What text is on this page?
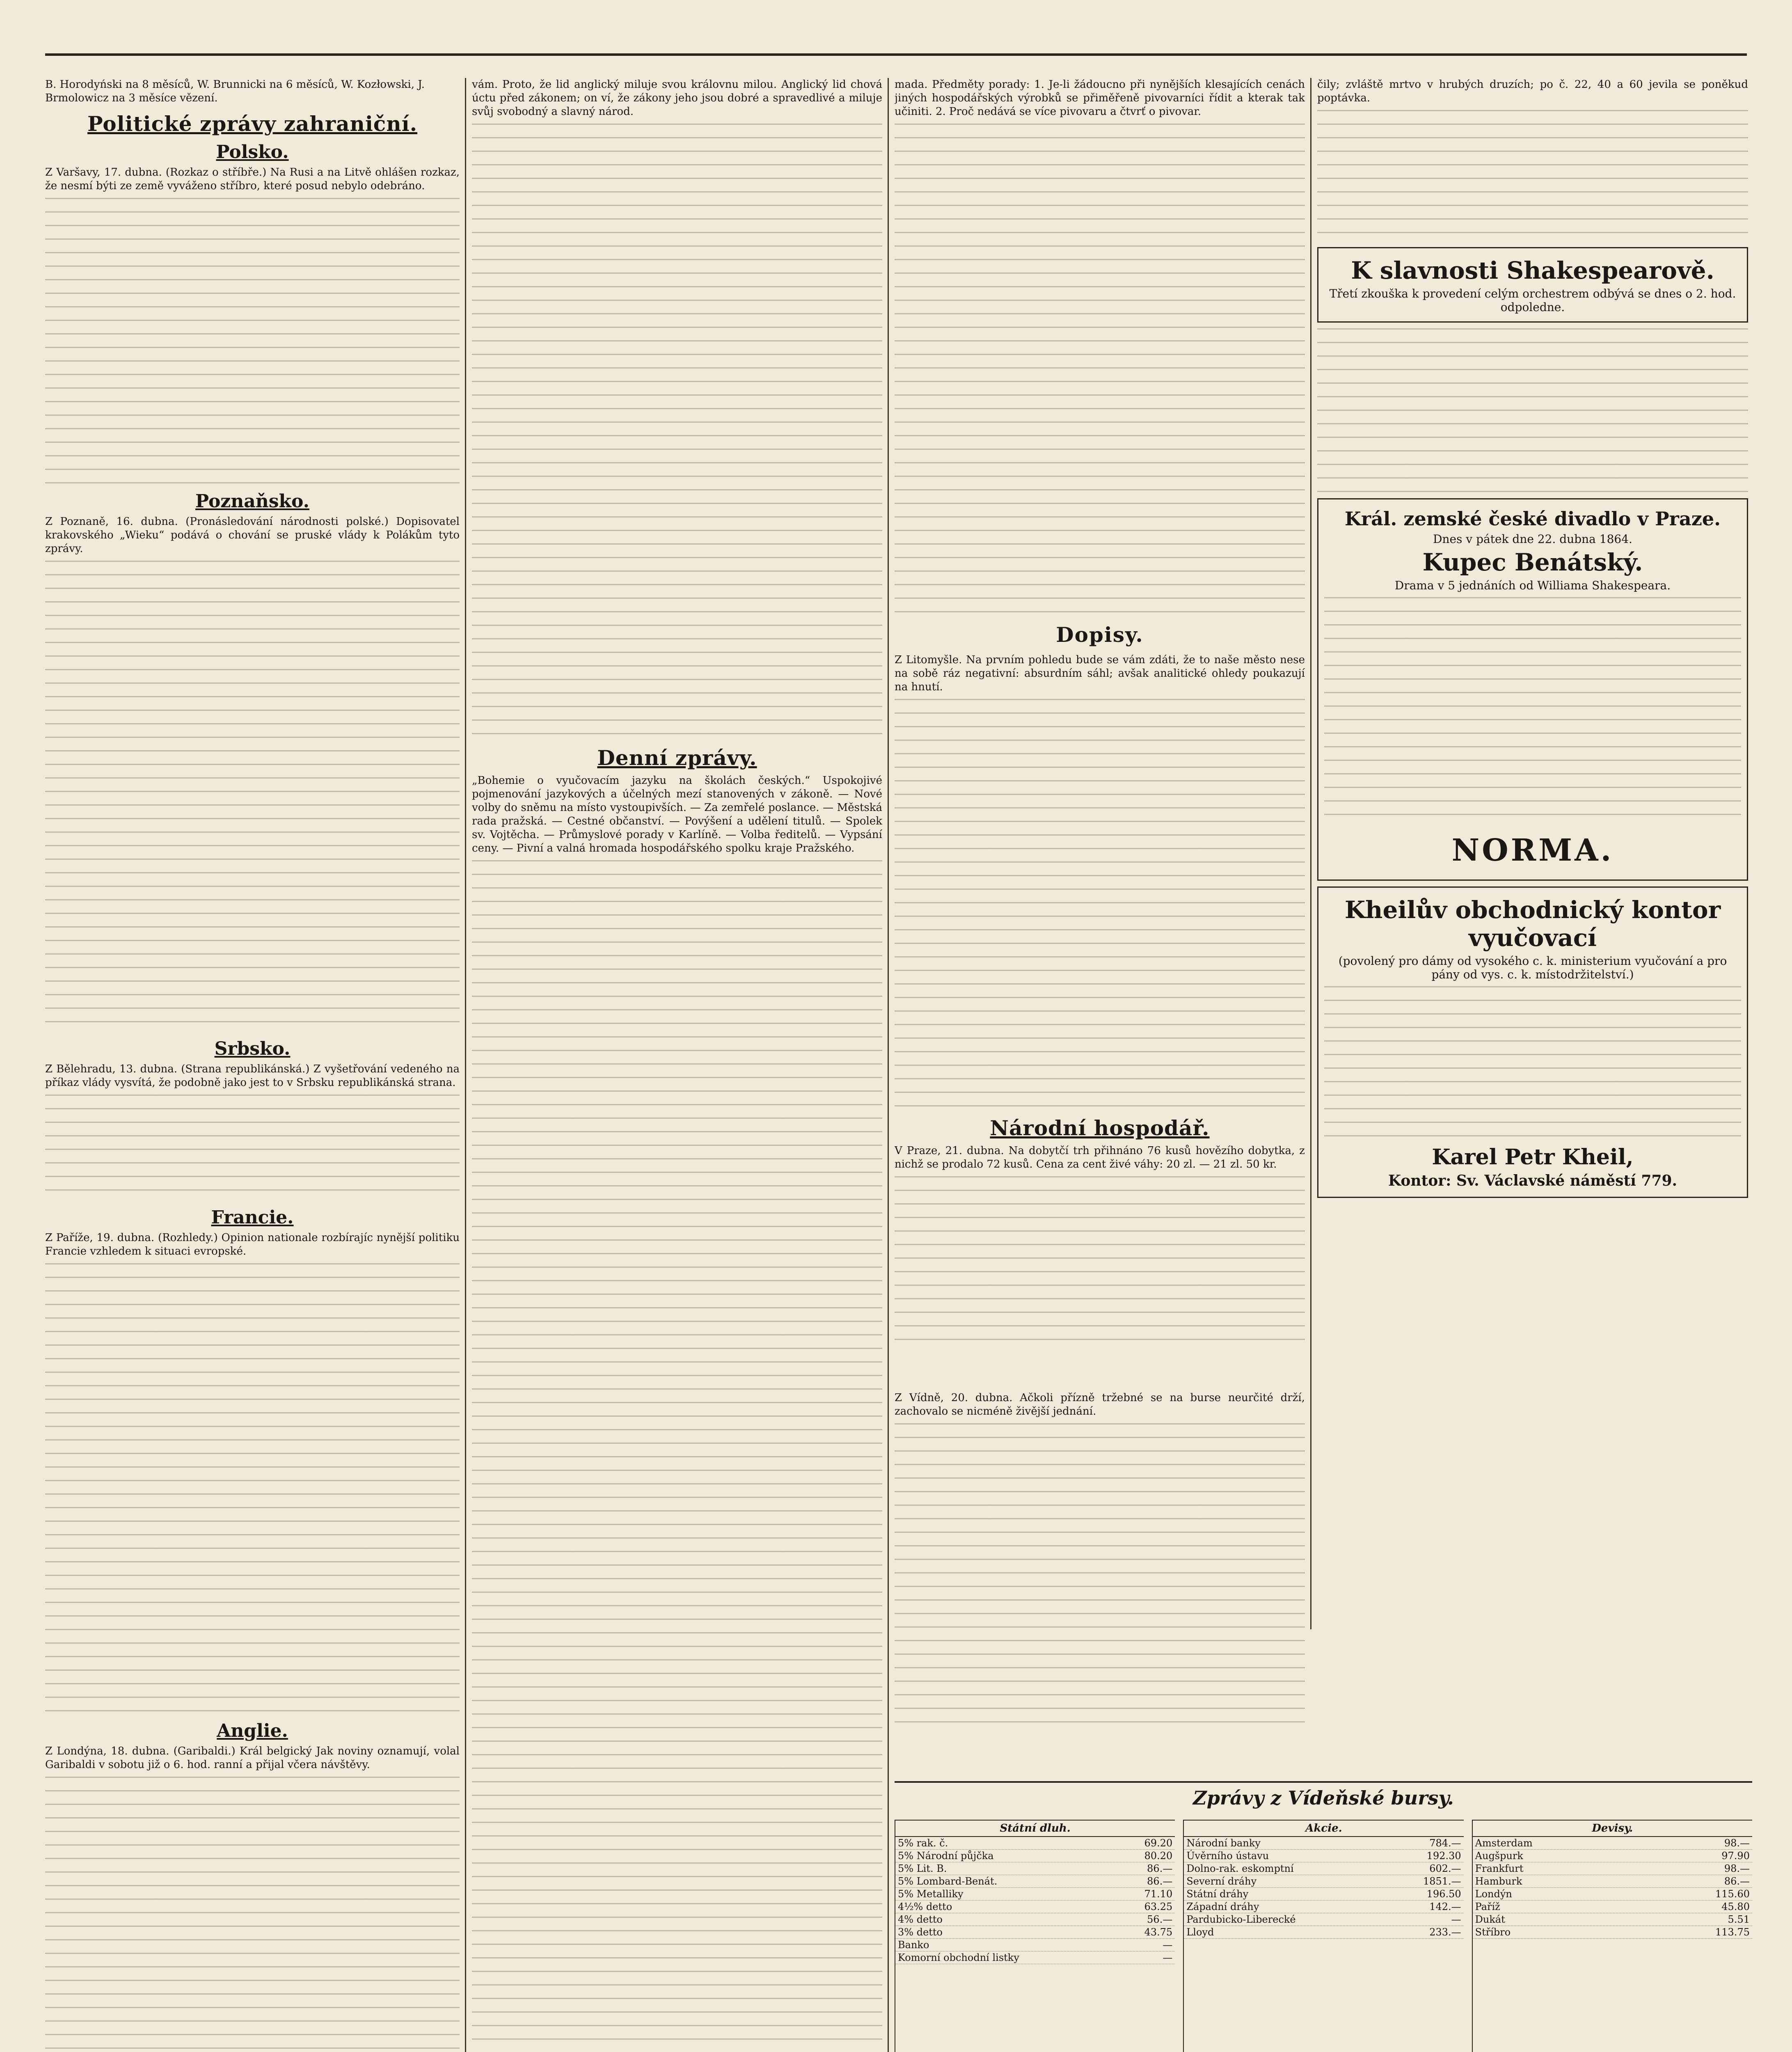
B. Horodyński na 8 měsíců, W. Brunnicki na 6 měsíců, W. Kozłowski, J. Brmolowicz na 3 měsíce vězení.

Politické zprávy zahraniční.
Polsko.

Z Varšavy, 17. dubna. (Rozkaz o stříbře.) Na Rusi a na Litvě ohlášen rozkaz, že nesmí býti ze země vyváženo stříbro, které posud nebylo odebráno.

Poznaňsko.

Z Poznaně, 16. dubna. (Pronásledování národnosti polské.) Dopisovatel krakovského „Wieku“ podává o chování se pruské vlády k Polákům tyto zprávy.

Srbsko.

Z Bělehradu, 13. dubna. (Strana republikánská.) Z vyšetřování vedeného na příkaz vlády vysvítá, že podobně jako jest to v Srbsku republikánská strana.

Francie.

Z Paříže, 19. dubna. (Rozhledy.) Opinion nationale rozbírajíc nynější politiku Francie vzhledem k situaci evropské.

Anglie.

Z Londýna, 18. dubna. (Garibaldi.) Král belgický Jak noviny oznamují, volal Garibaldi v sobotu již o 6. hod. ranní a přijal včera návštěvy.

vám. Proto, že lid anglický miluje svou královnu milou. Anglický lid chová úctu před zákonem; on ví, že zákony jeho jsou dobré a spravedlivé a miluje svůj svobodný a slavný národ.

Denní zprávy.

„Bohemie o vyučovacím jazyku na školách českých.“ Uspokojivé pojmenování jazykových a účelných mezí stanovených v zákoně. — Nové volby do sněmu na místo vystoupivších. — Za zemřelé poslance. — Městská rada pražská. — Cestné občanství. — Povýšení a udělení titulů. — Spolek sv. Vojtěcha. — Průmyslové porady v Karlíně. — Volba ředitelů. — Vypsání ceny. — Pivní a valná hromada hospodářského spolku kraje Pražského.

mada. Předměty porady: 1. Je-li žádoucno při nynějších klesajících cenách jiných hospodářských výrobků se přiměřeně pivovarníci řídit a kterak tak učiniti. 2. Proč nedává se více pivovaru a čtvrť o pivovar.

Dopisy.

Z Litomyšle. Na prvním pohledu bude se vám zdáti, že to naše město nese na sobě ráz negativní: absurdním sáhl; avšak analitické ohledy poukazují na hnutí.

Národní hospodář.

V Praze, 21. dubna. Na dobytčí trh přihnáno 76 kusů hovězího dobytka, z nichž se prodalo 72 kusů. Cena za cent živé váhy: 20 zl. — 21 zl. 50 kr.

čily; zvláště mrtvo v hrubých druzích; po č. 22, 40 a 60 jevila se poněkud poptávka.

K slavnosti Shakespearově.
Třetí zkouška k provedení celým orchestrem odbývá se dnes o 2. hod. odpoledne.
Král. zemské české divadlo v Praze.
Dnes v pátek dne 22. dubna 1864.
Kupec Benátský.
Drama v 5 jednáních od Williama Shakespeara.
NORMA.
Kheilův obchodnický kontor vyučovací
(povolený pro dámy od vysokého c. k. ministerium vyučování a pro pány od vys. c. k. místodržitelství.)
Karel Petr Kheil,
Kontor: Sv. Václavské náměstí 779.

Z Vídně, 20. dubna. Ačkoli přízně tržebné se na burse neurčité drží, zachovalo se nicméně živější jednání.

Zprávy z Vídeňské bursy.
Státní dluh.
5% rak. č.	69.20
5% Národní půjčka	80.20
5% Lit. B.	86.—
5% Lombard-Benát.	86.—
5% Metalliky	71.10
4½% detto	63.25
4% detto	56.—
3% detto	43.75
Banko	—
Komorní obchodní listky	—
Akcie.
Národní banky	784.—
Úvěrního ústavu	192.30
Dolno-rak. eskomptní	602.—
Severní dráhy	1851.—
Státní dráhy	196.50
Západní dráhy	142.—
Pardubicko-Liberecké	—
Lloyd	233.—
Devisy.
Amsterdam	98.—
Augšpurk	97.90
Frankfurt	98.—
Hamburk	86.—
Londýn	115.60
Paříž	45.80
Dukát	5.51
Stříbro	113.75
